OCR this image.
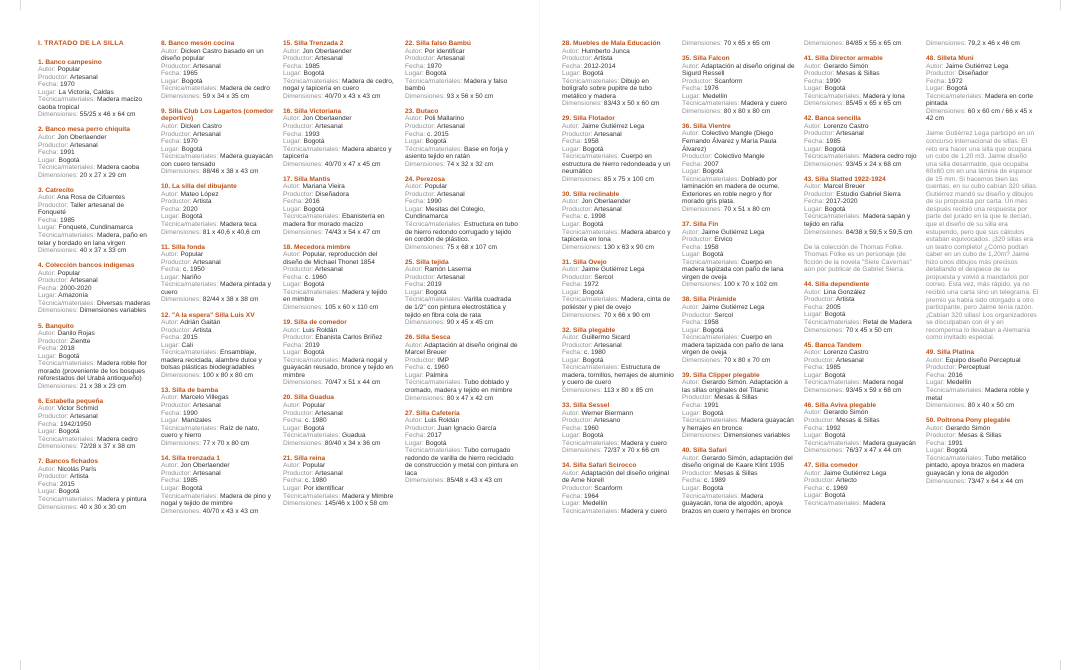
I. TRATADO DE LA SILLA
1. Banco campesino
Autor: Popular
Productor: Artesanal
Fecha: 1970
Lugar: La Victoria, Caldas
Técnica/materiales: Madera macizo caoba tropical
Dimensiones: 55/25 x 46 x 64 cm
2. Banco mesa perro chiquita
Autor: Jon Oberlaender
Productor: Artesanal
Fecha: 1991
Lugar: Bogotá
Técnica/materiales: Madera caoba
Dimensiones: 20 x 27 x 29 cm
3. Catrecito
Autor: Ana Rosa de Cifuentes
Productor: Taller artesanal de Fonqueté
Fecha: 1985
Lugar: Fonqueté, Cundinamarca
Técnica/materiales: Madera, paño en telar y bordado en lana virgen
Dimensiones: 40 x 37 x 33 cm
4. Colección bancos indígenas
Autor: Popular
Productor: Artesanal
Fecha: 2000-2020
Lugar: Amazonía
Técnica/materiales: Diversas maderas
Dimensiones: Dimensiones variables
5. Banquito
Autor: Danilo Rojas
Productor: Zientte
Fecha: 2018
Lugar: Bogotá
Técnica/materiales: Madera roble flor morado (proveniente de los bosques reforestados del Urabá antioqueño)
Dimensiones: 21 x 38 x 23 cm
6. Estabella pequeña
Autor: Victor Schmid
Productor: Artesanal
Fecha: 1942/1950
Lugar: Bogotá
Técnica/materiales: Madera cedro
Dimensiones: 72/28 x 37 x 38 cm
7. Bancos fichados
Autor: Nicolás París
Productor: Artista
Fecha: 2015
Lugar: Bogotá
Técnica/materiales: Madera y pintura
Dimensiones: 40 x 30 x 30 cm
8. Banco mesón cocina
Autor: Dicken Castro basado en un diseño popular
Productor: Artesanal
Fecha: 1965
Lugar: Bogotá
Técnica/materiales: Madera de cedro
Dimensiones: 59 x 34 x 35 cm
9. Silla Club Los Lagartos (comedor deportivo)
Autor: Dicken Castro
Productor: Artesanal
Fecha: 1970
Lugar: Bogotá
Técnica/materiales: Madera guayacán con cuero tensado
Dimensiones: 88/46 x 38 x 43 cm
10. La silla del dibujante
Autor: Mateo López
Productor: Artista
Fecha: 2020
Lugar: Bogotá
Técnica/materiales: Madera teca
Dimensiones: 81 x 40,6 x 40,6 cm
11. Silla fonda
Autor: Popular
Productor: Artesanal
Fecha: c. 1950
Lugar: Nariño
Técnica/materiales: Madera pintada y cuero
Dimensiones: 82/44 x 38 x 38 cm
12. "A la espera" Silla Luis XV
Autor: Adrián Gaitán
Productor: Artista
Fecha: 2015
Lugar: Cali
Técnica/materiales: Ensamblaje, madera reciclada, alambre dulce y bolsas plásticas biodegradables
Dimensiones: 100 x 80 x 80 cm
13. Silla de bamba
Autor: Marcelo Villegas
Productor: Artesanal
Fecha: 1990
Lugar: Manizales
Técnica/materiales: Raíz de nato, cuero y hierro
Dimensiones: 77 x 70 x 80 cm
14. Silla trenzada 1
Autor: Jon Oberlaender
Productor: Artesanal
Fecha: 1985
Lugar: Bogotá
Técnica/materiales: Madera de pino y nogal y tejido de mimbre
Dimensiones: 40/70 x 43 x 43 cm
15. Silla Trenzada 2
Autor: Jon Oberlaender
Productor: Artesanal
Fecha: 1985
Lugar: Bogotá
Técnica/materiales: Madera de cedro, nogal y tapicería en cuero
Dimensiones: 40/70 x 43 x 43 cm
16. Silla Victoriana
Autor: Jon Oberlaender
Productor: Artesanal
Fecha: 1993
Lugar: Bogotá
Técnica/materiales: Madera abarco y tapicería
Dimensiones: 40/70 x 47 x 45 cm
17. Silla Mantis
Autor: Mariana Vieira
Productor: Diseñadora
Fecha: 2016
Lugar: Bogotá
Técnica/materiales: Ebanistería en madera flor morado macizo
Dimensiones: 74/43 x 54 x 47 cm
18. Mecedora mimbre
Autor: Popular, reproducción del diseño de Michael Thonet 1854
Productor: Artesanal
Fecha: c. 1960
Lugar: Bogotá
Técnica/materiales: Madera y tejido en mimbre
Dimensiones: 105 x 60 x 110 cm
19. Silla de comedor
Autor: Luis Roldán
Productor: Ebanista Carlos Briñez
Fecha: 2019
Lugar: Bogotá
Técnica/materiales: Madera nogal y guayacán reusado, bronce y tejido en mimbre
Dimensiones: 70/47 x 51 x 44 cm
20. Silla Guadua
Autor: Popular
Productor: Artesanal
Fecha: c. 1980
Lugar: Bogotá
Técnica/materiales: Guadua
Dimensiones: 80/40 x 34 x 36 cm
21. Silla reina
Autor: Popular
Productor: Artesanal
Fecha: c. 1980
Lugar: Por identificar
Técnica/materiales: Madera y Mimbre
Dimensiones: 145/46 x 100 x 58 cm
22. Silla falso Bambú
Autor: Por identificar
Productor: Artesanal
Fecha: 1970
Lugar: Bogotá
Técnica/materiales: Madera y falso bambú
Dimensiones: 93 x 56 x 50 cm
23. Butaco
Autor: Poli Mallarino
Productor: Artesanal
Fecha: c. 2015
Lugar: Bogotá
Técnica/materiales: Base en forja y asiento tejido en ratán
Dimensiones: 74 x 32 x 32 cm
24. Perezosa
Autor: Popular
Productor: Artesanal
Fecha: 1990
Lugar: Mesitas del Colegio, Cundinamarca
Técnica/materiales: Estructura en tubo de hierro redondo corrugado y tejido en cordón de plástico.
Dimensiones: 75 x 68 x 107 cm
25. Silla tejida
Autor: Ramón Laserna
Productor: Artesanal
Fecha: 2019
Lugar: Bogotá
Técnica/materiales: Varilla cuadrada de 1/2" con pintura electrostática y tejido en fibra cola de rata
Dimensiones: 90 x 45 x 45 cm
26. Silla Sesca
Autor: Adaptación al diseño original de Marcel Breuer
Productor: IMP
Fecha: c. 1960
Lugar: Palmira
Técnica/materiales: Tubo doblado y cromado, madera y tejido en mimbre
Dimensiones: 80 x 47 x 42 cm
27. Silla Cafetería
Autor: Luis Roldán
Productor: Juan Ignacio García
Fecha: 2017
Lugar: Bogotá
Técnica/materiales: Tubo corrugado redondo de varilla de hierro reciclado de construcción y metal con pintura en laca
Dimensiones: 85/48 x 43 x 43 cm
28. Muebles de Mala Educación
Autor: Humberto Junca
Productor: Artista
Fecha: 2012-2014
Lugar: Bogotá
Técnica/materiales: Dibujo en bolígrafo sobre pupitre de tubo metálico y madera
Dimensiones: 83/43 x 50 x 60 cm
29. Silla Flotador
Autor: Jaime Gutiérrez Lega
Productor: Artesanal
Fecha: 1958
Lugar: Bogotá
Técnica/materiales: Cuerpo en estructura de hierro redondeada y un neumático
Dimensiones: 85 x 75 x 100 cm
30. Silla reclinable
Autor: Jon Oberlaender
Productor: Artesanal
Fecha: c. 1998
Lugar: Bogotá
Técnica/materiales: Madera abarco y tapicería en lona
Dimensiones: 130 x 63 x 90 cm
31. Silla Ovejo
Autor: Jaime Gutiérrez Lega
Productor: Sercol
Fecha: 1972
Lugar: Bogotá
Técnica/materiales: Madera, cinta de poliéster y piel de ovejo
Dimensiones: 70 x 66 x 90 cm
32. Silla plegable
Autor: Guillermo Sicard
Productor: Artesanal
Fecha: c. 1980
Lugar: Bogotá
Técnica/materiales: Estructura de madera, tornillos, herrajes de aluminio y cuero de cuero
Dimensiones: 113 x 80 x 85 cm
33. Silla Sessel
Autor: Werner Biermann
Productor: Artesano
Fecha: 1960
Lugar: Bogotá
Técnica/materiales: Madera y cuero
Dimensiones: 72/37 x 70 x 66 cm
34. Silla Safari Scirocco
Autor: Adaptación del diseño original de Arne Norell
Productor: Scanform
Fecha: 1964
Lugar: Medellín
Técnica/materiales: Madera y cuero
Dimensiones: 70 x 65 x 65 cm
35. Silla Falcon
Autor: Adaptación al diseño original de Sigurd Ressell
Productor: Scanform
Fecha: 1976
Lugar: Medellín
Técnica/materiales: Madera y cuero
Dimensiones: 80 x 80 x 80 cm
36. Silla Vientre
Autor: Colectivo Mangle (Diego Fernando Álvarez y María Paula Álvarez)
Productor: Colectivo Mangle
Fecha: 2007
Lugar: Bogotá
Técnica/materiales: Doblado por laminación en madera de ocume. Exteriores en roble negro y flor morado gris plata.
Dimensiones: 70 x 51 x 80 cm
37. Silla Fin
Autor: Jaime Gutiérrez Lega
Productor: Ervico
Fecha: 1958
Lugar: Bogotá
Técnica/materiales: Cuerpo en madera tapizada con paño de lana virgen de oveja
Dimensiones: 100 x 70 x 102 cm
38. Silla Pirámide
Autor: Jaime Gutiérrez Lega
Productor: Sercol
Fecha: 1958
Lugar: Bogotá
Técnica/materiales: Cuerpo en madera tapizada con paño de lana virgen de oveja
Dimensiones: 70 x 80 x 70 cm
39. Silla Clipper plegable
Autor: Gerardo Simón. Adaptación a las sillas originales del Titanic
Productor: Mesas & Sillas
Fecha: 1991
Lugar: Bogotá
Técnica/materiales: Madera guayacán y herrajes en bronce
Dimensiones: Dimensiones variables
40. Silla Safari
Autor: Gerardo Simón, adaptación del diseño original de Kaare Klint 1935
Productor: Mesas & Sillas
Fecha: c. 1989
Lugar: Bogotá
Técnica/materiales: Madera guayacán, lona de algodón, apoya brazos en cuero y herrajes en bronce
Dimensiones: 84/85 x 55 x 65 cm
41. Silla Director armable
Autor: Gerardo Simón
Productor: Mesas & Sillas
Fecha: 1990
Lugar: Bogotá
Técnica/materiales: Madera y lona
Dimensiones: 85/45 x 65 x 65 cm
42. Banca sencilla
Autor: Lorenzo Castro
Productor: Artesanal
Fecha: 1985
Lugar: Bogotá
Técnica/materiales: Madera cedro rojo
Dimensiones: 93/45 x 24 x 68 cm
43. Silla Slatted 1922-1924
Autor: Marcel Breuer
Productor: Estudio Gabriel Sierra
Fecha: 2017-2020
Lugar: Bogotá
Técnica/materiales: Madera sapán y tejido en rafia
Dimensiones: 84/38 x 59,5 x 59,5 cm
De la colección de Thomas Folke. Thomas Folke es un personaje (de ficción de la novela "Siete Cavernas" aún por publicar de Gabriel Sierra.
44. Silla dependiente
Autor: Lina González
Productor: Artista
Fecha: 2005
Lugar: Bogotá
Técnica/materiales: Retal de Madera
Dimensiones: 70 x 45 x 50 cm
45. Banca Tandem
Autor: Lorenzo Castro
Productor: Artesanal
Fecha: 1985
Lugar: Bogotá
Técnica/materiales: Madera nogal
Dimensiones: 93/45 x 59 x 68 cm
46. Silla Aviva plegable
Autor: Gerardo Simón
Productor: Mesas & Sillas
Fecha: 1992
Lugar: Bogotá
Técnica/materiales: Madera guayacán
Dimensiones: 76/37 x 47 x 44 cm
47. Silla comedor
Autor: Jaime Gutiérrez Lega
Productor: Artecto
Fecha: c. 1969
Lugar: Bogotá
Técnica/materiales: Madera
Dimensiones: 79,2 x 46 x 46 cm
48. Silleta Muni
Autor: Jaime Gutiérrez Lega
Productor: Diseñador
Fecha: 1972
Lugar: Bogotá
Técnica/materiales: Madera en corte pintada
Dimensiones: 60 x 60 cm / 66 x 45 x 42 cm
Jaime Gutiérrez Lega participó en un concurso internacional de sillas. El reto era hacer una silla que ocupara un cubo de 1,20 m3. Jaime diseñó una silla desarmable, que ocupaba 60x60 cm en una lámina de espesor de 15 mm. Si hacemos bien las cuentas, en su cubo cabían 320 sillas. Gutiérrez mandó su diseño y dibujos de su propuesta por carta. Un mes después recibió una respuesta por parte del jurado en la que le decían, que el diseño de su silla era estupendo, pero que sus cálculos estaban equivocados. ¡320 sillas era un teatro completo! ¿Cómo podían caber en un cubo de 1,20m? Jaime hizo unos dibujos más precisos detallando el despiece de su propuesta y volvió a mandarlos por correo. Esta vez, más rápido, ya no recibió una carta sino un telegrama. El premio ya había sido otorgado a otro participante, pero Jaime tenía razón. ¡Cabían 320 sillas! Los organizadores se disculpaban con él y en recompensa lo llevaban a Alemania como invitado especial.
49. Silla Platina
Autor: Equipo diseño Perceptual
Productor: Perceptual
Fecha: 2016
Lugar: Medellín
Técnica/materiales: Madera roble y metal
Dimensiones: 80 x 40 x 50 cm
50. Poltrona Pony plegable
Autor: Gerardo Simón
Productor: Mesas & Sillas
Fecha: 1991
Lugar: Bogotá
Técnica/materiales: Tubo metálico pintado, apoya brazos en madera guayacán y lona de algodón
Dimensiones: 73/47 x 64 x 44 cm
